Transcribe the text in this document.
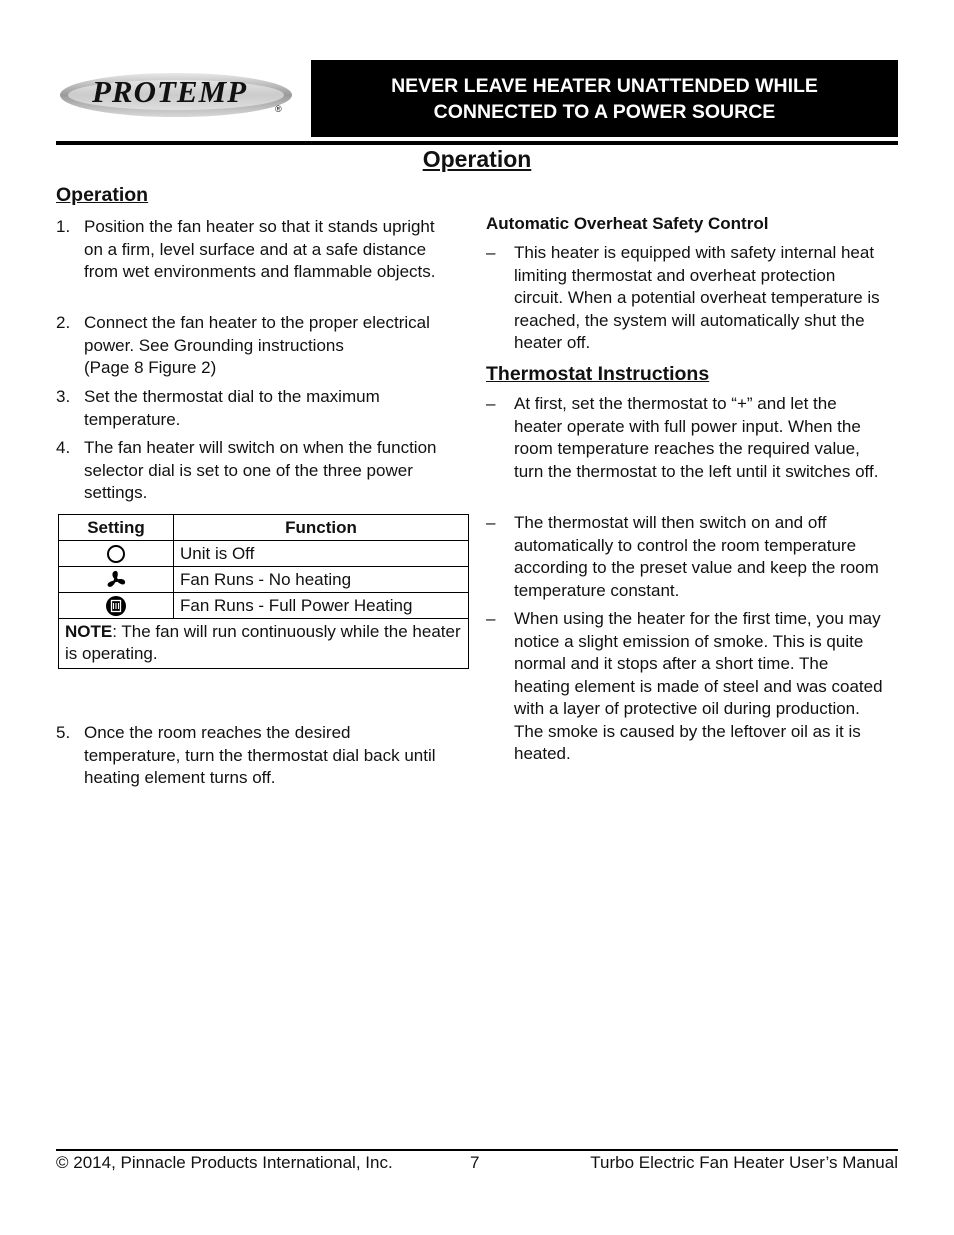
PROTEMP	®
NEVER LEAVE HEATER UNATTENDED WHILE
CONNECTED TO A POWER SOURCE
Operation
Operation
1. Position the fan heater so that it stands upright on a firm, level surface and at a safe distance from wet environments and flammable objects.
2. Connect the fan heater to the proper electrical power. See Grounding instructions
(Page 8 Figure 2)
3. Set the thermostat dial to the maximum temperature.
4. The fan heater will switch on when the function selector dial is set to one of the three power settings.
Setting	Function
	Unit is Off
	Fan Runs - No heating
	Fan Runs - Full Power Heating
NOTE: The fan will run continuously while the heater is operating.	
5. Once the room reaches the desired temperature, turn the thermostat dial back until heating element turns off.
Automatic Overheat Safety Control
– This heater is equipped with safety internal heat limiting thermostat and overheat protection circuit. When a potential overheat temperature is reached, the system will automatically shut the heater off.
Thermostat Instructions
– At first, set the thermostat to “+” and let the heater operate with full power input. When the room temperature reaches the required value, turn the thermostat to the left until it switches off.
– The thermostat will then switch on and off automatically to control the room temperature according to the preset value and keep the room temperature constant.
– When using the heater for the first time, you may notice a slight emission of smoke. This is quite normal and it stops after a short time. The heating element is made of steel and was coated with a layer of protective oil during production. The smoke is caused by the leftover oil as it is heated.
© 2014, Pinnacle Products International, Inc.	7	Turbo Electric Fan Heater User’s Manual
